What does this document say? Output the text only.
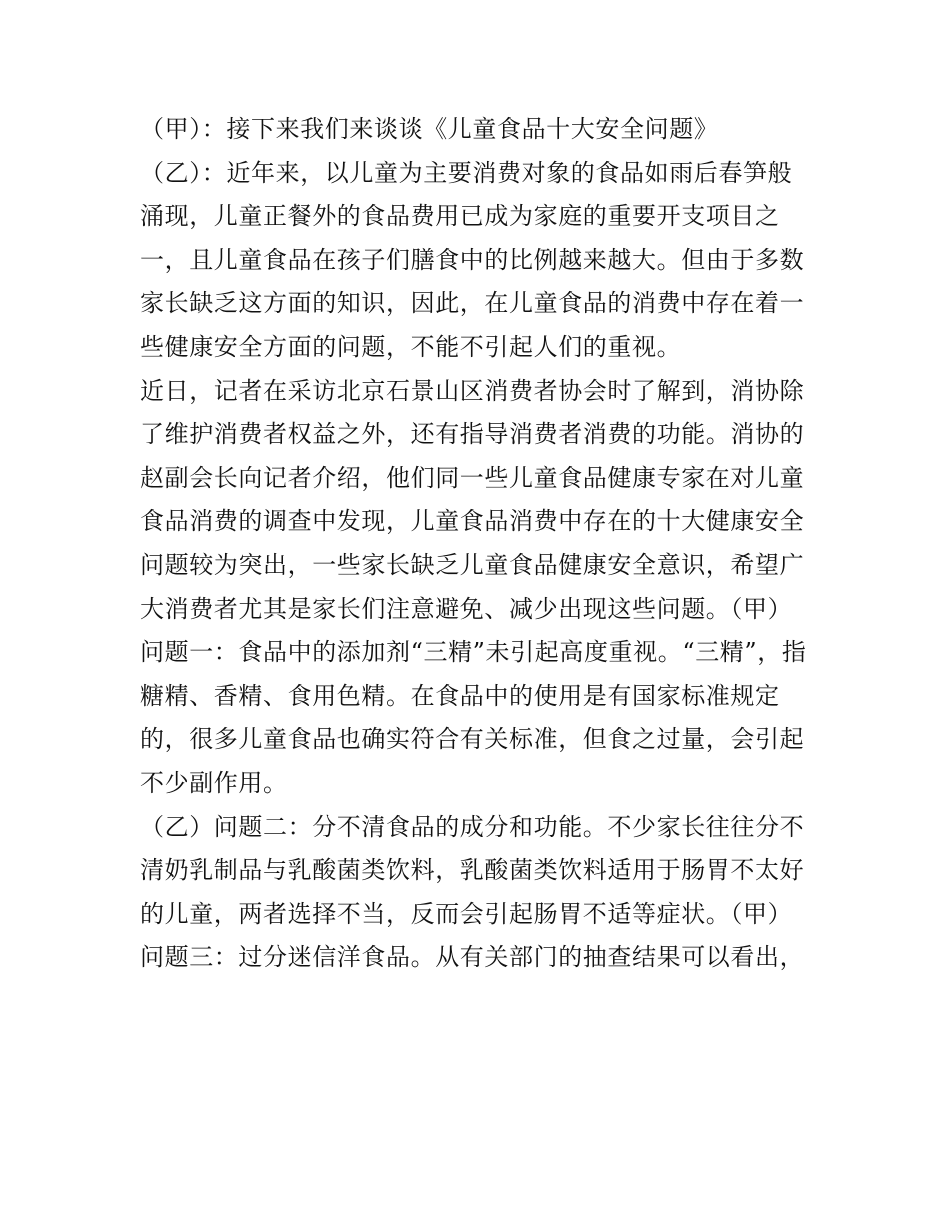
（甲）：接下来我们来谈谈《儿童食品十大安全问题》
（乙）：近年来，以儿童为主要消费对象的食品如雨后春笋般
涌现，儿童正餐外的食品费用已成为家庭的重要开支项目之
一，且儿童食品在孩子们膳食中的比例越来越大。但由于多数
家长缺乏这方面的知识，因此，在儿童食品的消费中存在着一
些健康安全方面的问题，不能不引起人们的重视。
近日，记者在采访北京石景山区消费者协会时了解到，消协除
了维护消费者权益之外，还有指导消费者消费的功能。消协的
赵副会长向记者介绍，他们同一些儿童食品健康专家在对儿童
食品消费的调查中发现，儿童食品消费中存在的十大健康安全
问题较为突出，一些家长缺乏儿童食品健康安全意识，希望广
大消费者尤其是家长们注意避免、减少出现这些问题。（甲）
问题一：食品中的添加剂“三精”未引起高度重视。“三精”，指
糖精、香精、食用色精。在食品中的使用是有国家标准规定
的，很多儿童食品也确实符合有关标准，但食之过量，会引起
不少副作用。
（乙）问题二：分不清食品的成分和功能。不少家长往往分不
清奶乳制品与乳酸菌类饮料，乳酸菌类饮料适用于肠胃不太好
的儿童，两者选择不当，反而会引起肠胃不适等症状。（甲）
问题三：过分迷信洋食品。从有关部门的抽查结果可以看出，
